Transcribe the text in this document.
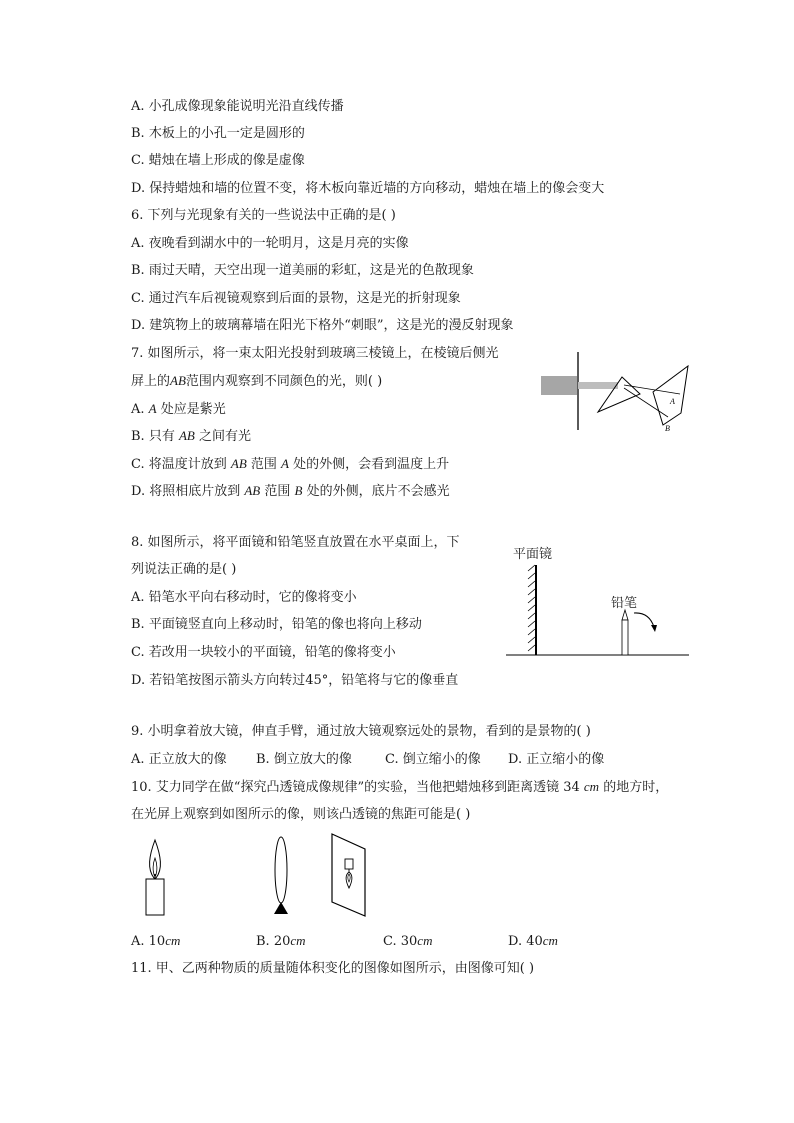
A. 小孔成像现象能说明光沿直线传播
B. 木板上的小孔一定是圆形的
C. 蜡烛在墙上形成的像是虚像
D. 保持蜡烛和墙的位置不变，将木板向靠近墙的方向移动，蜡烛在墙上的像会变大
6. 下列与光现象有关的一些说法中正确的是( )
A. 夜晚看到湖水中的一轮明月，这是月亮的实像
B. 雨过天晴，天空出现一道美丽的彩虹，这是光的色散现象
C. 通过汽车后视镜观察到后面的景物，这是光的折射现象
D. 建筑物上的玻璃幕墙在阳光下格外“刺眼”，这是光的漫反射现象
7. 如图所示，将一束太阳光投射到玻璃三棱镜上，在棱镜后侧光
屏上的AB范围内观察到不同颜色的光，则( )
A. A 处应是紫光
B. 只有 AB 之间有光
C. 将温度计放到 AB 范围 A 处的外侧，会看到温度上升
D. 将照相底片放到 AB 范围 B 处的外侧，底片不会感光
A
B
8. 如图所示，将平面镜和铅笔竖直放置在水平桌面上，下
列说法正确的是( )
A. 铅笔水平向右移动时，它的像将变小
B. 平面镜竖直向上移动时，铅笔的像也将向上移动
C. 若改用一块较小的平面镜，铅笔的像将变小
D. 若铅笔按图示箭头方向转过45°，铅笔将与它的像垂直
平面镜
铅笔
9. 小明拿着放大镜，伸直手臂，通过放大镜观察远处的景物，看到的是景物的( )
A. 正立放大的像 B. 倒立放大的像	C. 倒立缩小的像 D. 正立缩小的像
10. 艾力同学在做“探究凸透镜成像规律”的实验，当他把蜡烛移到距离透镜 34 cm 的地方时，
在光屏上观察到如图所示的像，则该凸透镜的焦距可能是( )
A. 10cm	B. 20cm	C. 30cm	D. 40cm
11. 甲、乙两种物质的质量随体积变化的图像如图所示，由图像可知( )
